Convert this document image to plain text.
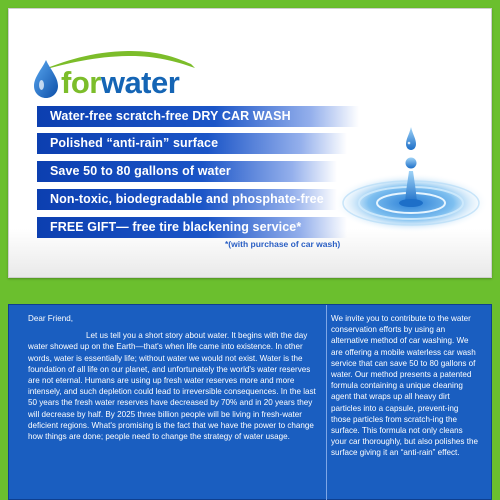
forwater
Water-free scratch-free DRY CAR WASH
Polished “anti-rain” surface
Save 50 to 80 gallons of water
Non-toxic, biodegradable and phosphate-free
FREE GIFT— free tire blackening service*
*(with purchase of car wash)
Dear Friend,
Let us tell you a short story about water. It begins with the day water showed up on the Earth—that's when life came into existence. In other words, water is essentially life; without water we would not exist. Water is the foundation of all life on our planet, and unfortunately the world's water reserves are not eternal. Humans are using up fresh water reserves more and more intensely, and such depletion could lead to irreversible consequences. In the last 50 years the fresh water reserves have decreased by 70% and in 20 years they will decrease by half. By 2025 three billion people will be living in fresh-water deficient regions. What's promising is the fact that we have the power to change how things are done; people need to change the strategy of water usage.
We invite you to contribute to the water conservation efforts by using an alternative method of car washing. We are offering a mobile waterless car wash service that can save 50 to 80 gallons of water. Our method presents a patented formula containing a unique cleaning agent that wraps up all heavy dirt particles into a capsule, prevent-ing those particles from scratch-ing the surface. This formula not only cleans your car thoroughly, but also polishes the surface giving it an “anti-rain” effect.
